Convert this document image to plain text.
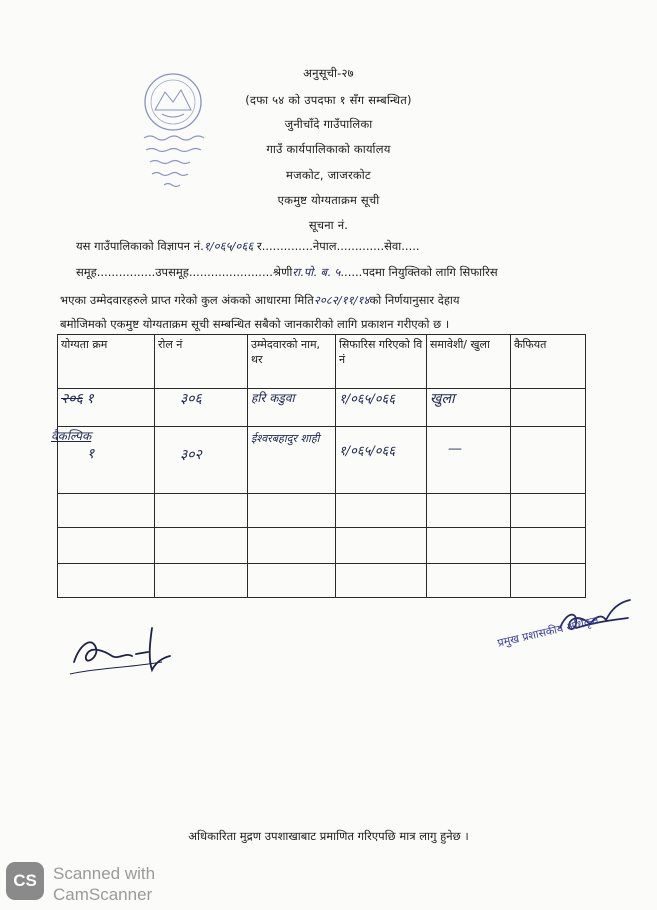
अनुसूची-२७
(दफा ५४ को उपदफा १ सँग सम्बन्धित)
जुनीचाँदे गाउँपालिका
गाउँ कार्यपालिकाको कार्यालय
मजकोट, जाजरकोट
एकमुष्ट योग्यताक्रम सूची
सूचना नं.
यस गाउँपालिकाको विज्ञापन नं.१/०६५/०६६ र..............नेपाल.............सेवा.....
समूह................उपसमूह.......................श्रेणीरा.पो. ब. ५......पदमा नियुक्तिको लागि सिफारिस
भएका उम्मेदवारहरुले प्राप्त गरेको कुल अंकको आधारमा मिति२०८२/११/१४को निर्णयानुसार देहाय
बमोजिमको एकमुष्ट योग्यताक्रम सूची सम्बन्धित सबैको जानकारीको लागि प्रकाशन गरीएको छ ।
योग्यता क्रम	रोल नं	उम्मेदवारको नाम, थर	सिफारिस गरिएको वि नं	समावेशी/ खुला	कैफियत
२०६ १	३०६	हरि कडुवा	१/०६५/०६६	खुला	

वैकल्पिक
१	३०२	ईश्वरबहादुर शाही	१/०६५/०६६	—	

प्रमुख प्रशासकीय अधिकृत
अधिकारिता मुद्रण उपशाखाबाट प्रमाणित गरिएपछि मात्र लागु हुनेछ ।
CS Scanned with
CamScanner
